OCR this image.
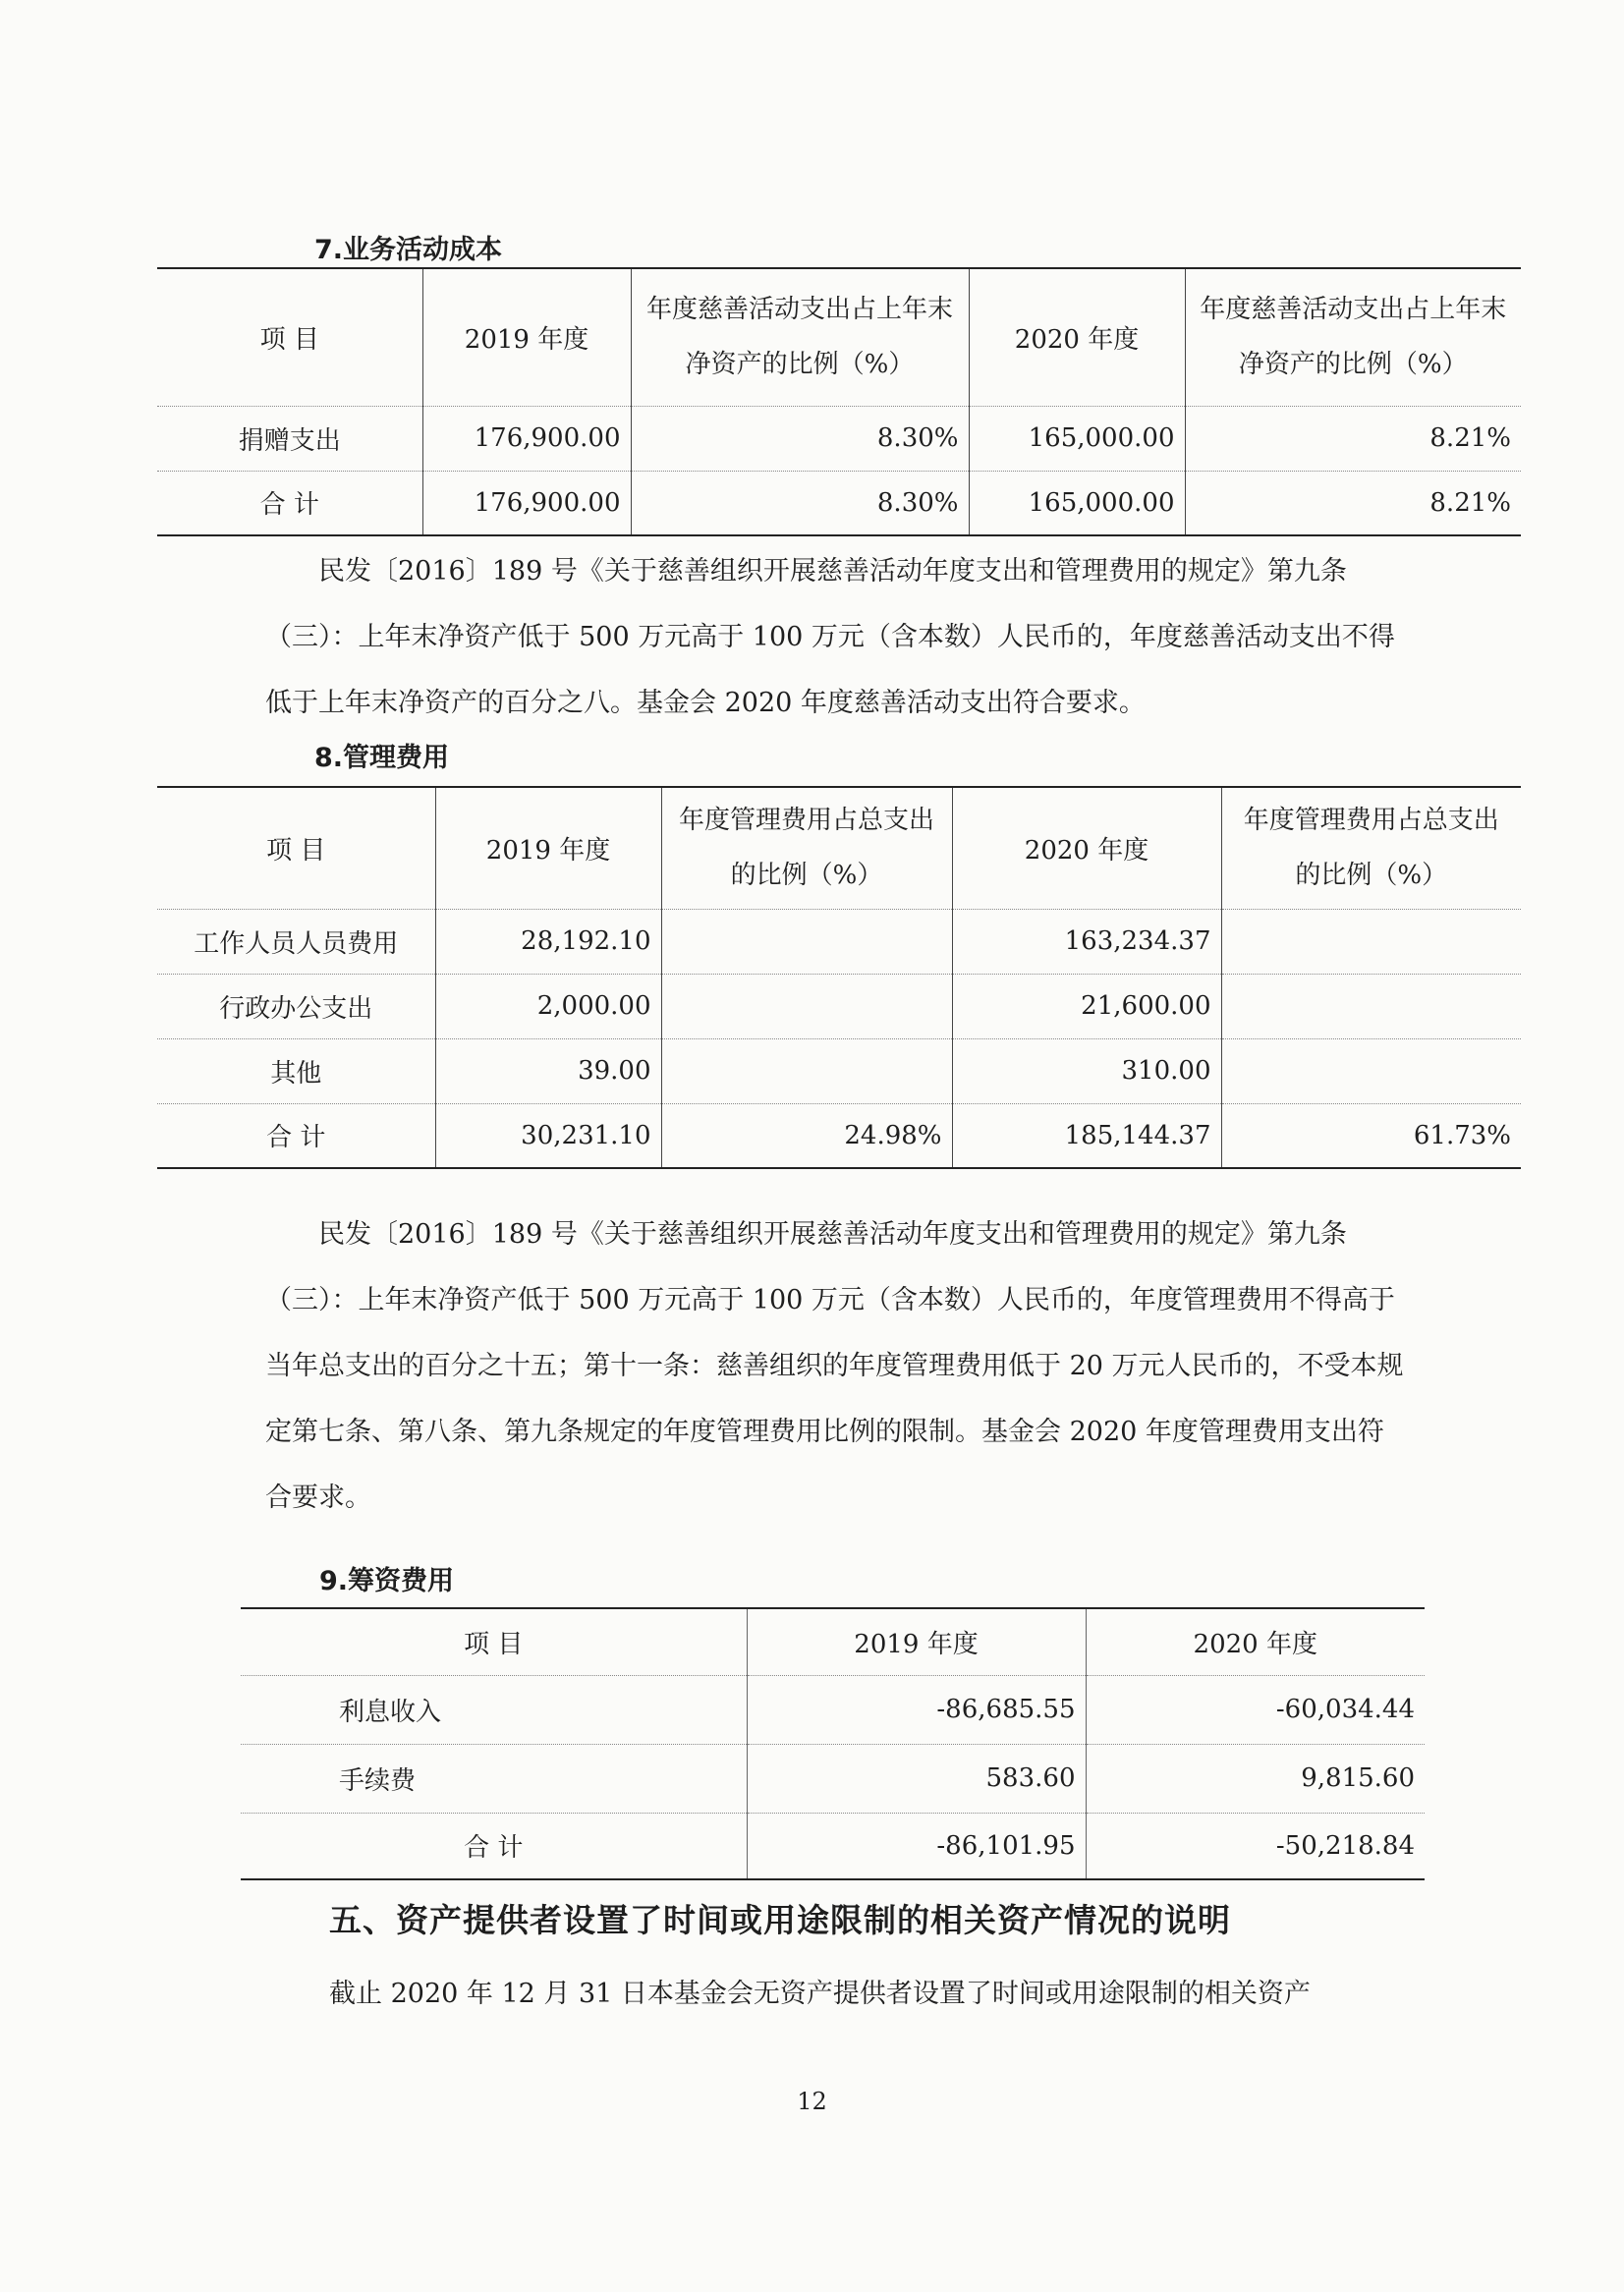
7.业务活动成本
项 目	2019 年度	年度慈善活动支出占上年末净资产的比例（%）	2020 年度	年度慈善活动支出占上年末净资产的比例（%）
捐赠支出	176,900.00	8.30%	165,000.00	8.21%
合 计	176,900.00	8.30%	165,000.00	8.21%

民发〔2016〕189 号《关于慈善组织开展慈善活动年度支出和管理费用的规定》第九条（三）：上年末净资产低于 500 万元高于 100 万元（含本数）人民币的，年度慈善活动支出不得低于上年末净资产的百分之八。基金会 2020 年度慈善活动支出符合要求。

8.管理费用
项 目	2019 年度	年度管理费用占总支出的比例（%）	2020 年度	年度管理费用占总支出的比例（%）
工作人员人员费用	28,192.10		163,234.37	
行政办公支出	2,000.00		21,600.00	
其他	39.00		310.00	
合 计	30,231.10	24.98%	185,144.37	61.73%

民发〔2016〕189 号《关于慈善组织开展慈善活动年度支出和管理费用的规定》第九条（三）：上年末净资产低于 500 万元高于 100 万元（含本数）人民币的，年度管理费用不得高于当年总支出的百分之十五；第十一条：慈善组织的年度管理费用低于 20 万元人民币的，不受本规定第七条、第八条、第九条规定的年度管理费用比例的限制。基金会 2020 年度管理费用支出符合要求。

9.筹资费用
项 目	2019 年度	2020 年度
利息收入	-86,685.55	-60,034.44
手续费	583.60	9,815.60
合 计	-86,101.95	-50,218.84
五、资产提供者设置了时间或用途限制的相关资产情况的说明
截止 2020 年 12 月 31 日本基金会无资产提供者设置了时间或用途限制的相关资产
12
